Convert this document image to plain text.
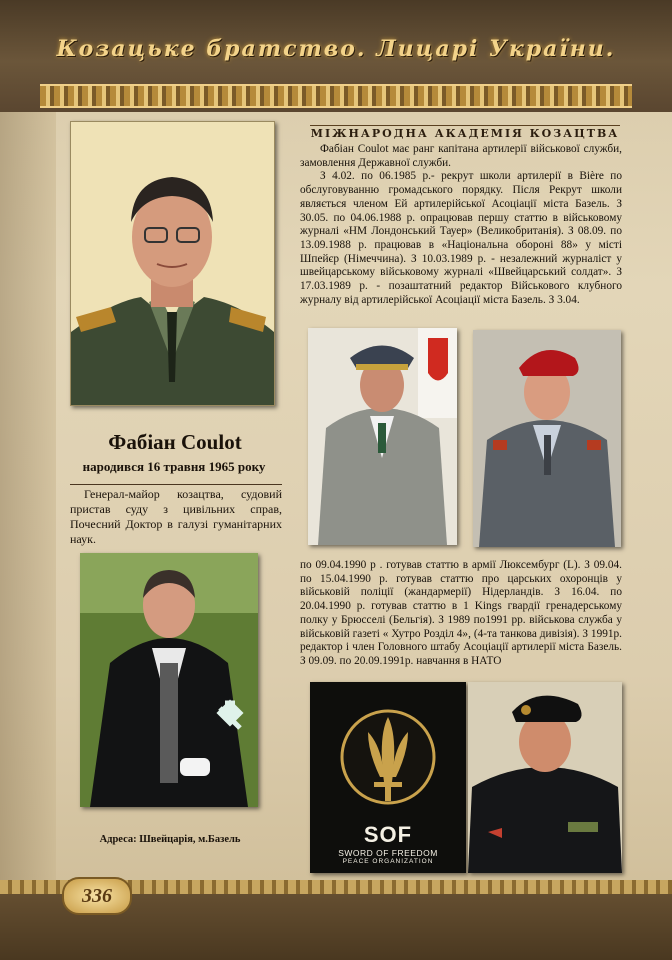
Козацьке братство. Лицарі України.
Фабіан Coulot
народився 16 травня 1965 року
Генерал-майор козацтва, судовий пристав суду з цивільних справ, Почесний Доктор в галузі гуманітарних наук.
Адреса: Швейцарія, м.Базель
МІЖНАРОДНА АКАДЕМІЯ КОЗАЦТВА

Фабіан Coulot має ранг капітана артилерії військової служби, замовлення Державної служби.

З 4.02. по 06.1985 р.- рекрут школи артилерії в Bière по обслуговуванню громадського порядку. Після Рекрут школи являється членом Ей артилерійської Асоціації міста Базель. З 30.05. по 04.06.1988 р. опрацював першу статтю в військовому журналі «НМ Лондонський Тауер» (Великобританія). З 08.09. по 13.09.1988 р. працював в «Національна обороні 88» у місті Шпейєр (Німеччина). З 10.03.1989 р. - незалежний журналіст у швейцарському військовому журналі «Швейцарський солдат». З 17.03.1989 р. - позаштатний редактор Військового клубного журналу від артилерійської Асоціації міста Базель. З 3.04.

по 09.04.1990 р . готував статтю в армії Люксембург (L). З 09.04. по 15.04.1990 р. готував статтю про царських охоронців у військовій поліції (жандармерії) Нідерландів. З 16.04. по 20.04.1990 р. готував статтю в 1 Kings гвардії гренадерському полку у Брюсселі (Бельгія). З 1989 по1991 рр. військова служба у військовій газеті « Хутро Розділ 4», (4-та танкова дивізія). З 1991р. редактор і член Головного штабу Асоціації артилерії міста Базель. З 09.09. по 20.09.1991р. навчання в НАТО
SOF
SWORD OF FREEDOM
PEACE ORGANIZATION
336
